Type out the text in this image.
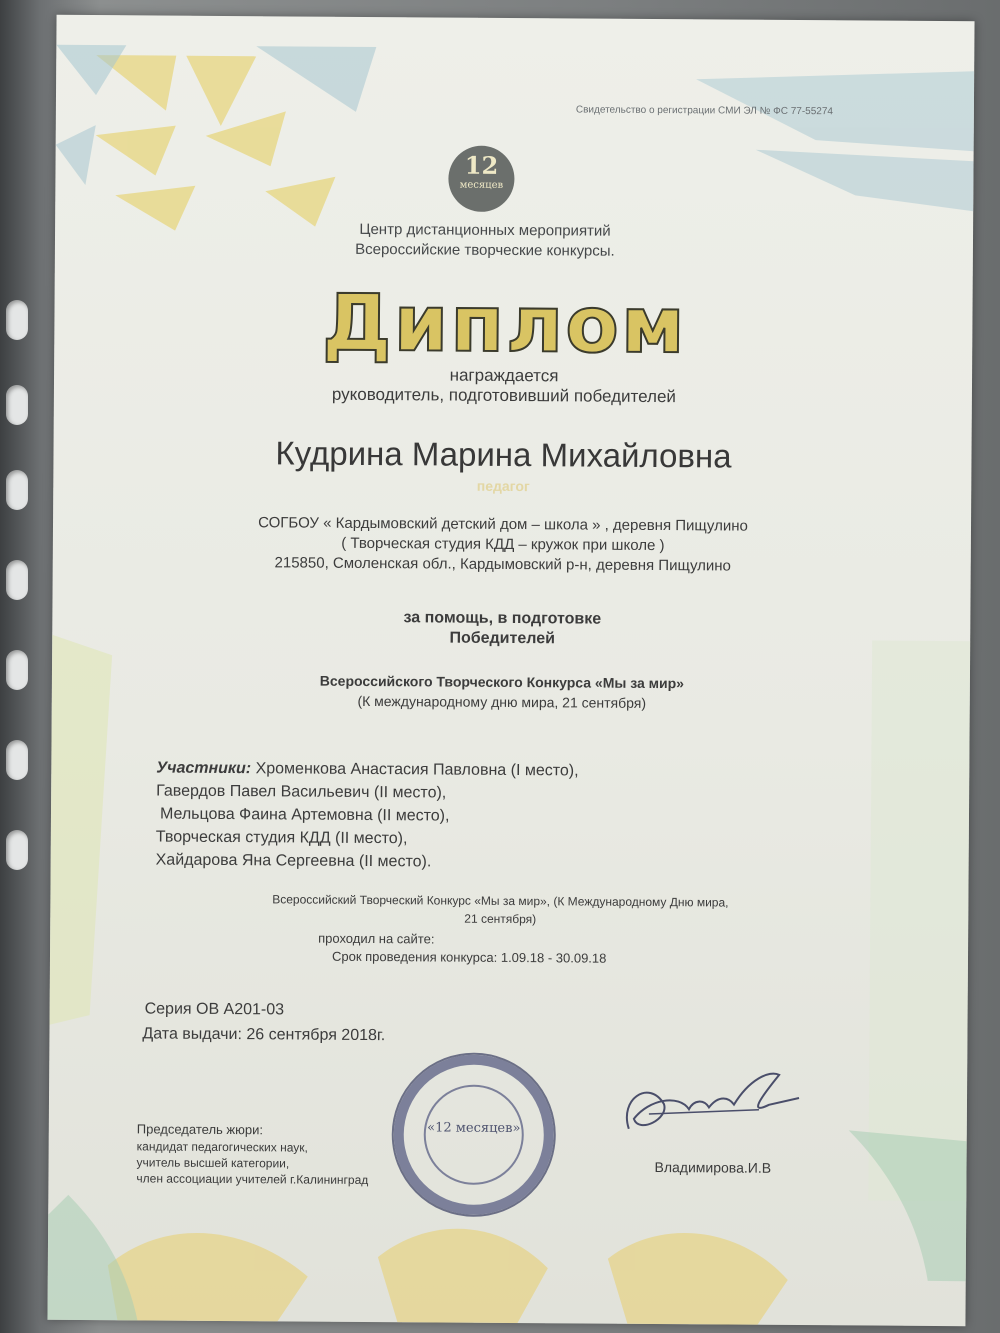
Свидетельство о регистрации СМИ ЭЛ № ФС 77-55274
12
месяцев
Центр дистанционных мероприятий
Всероссийские творческие конкурсы.
Диплом
награждается
руководитель, подготовивший победителей
Кудрина Марина Михайловна
педагог
СОГБОУ « Кардымовский детский дом – школа » , деревня Пищулино
( Творческая студия КДД – кружок при школе )
215850, Смоленская обл., Кардымовский р-н, деревня Пищулино
за помощь, в подготовке
Победителей
Всероссийского Творческого Конкурса «Мы за мир»
(К международному дню мира, 21 сентября)
Участники: Хроменкова Анастасия Павловна (I место),
Гавердов Павел Васильевич (II место),
Мельцова Фаина Артемовна (II место),
Творческая студия КДД (II место),
Хайдарова Яна Сергеевна (II место).
Всероссийский Творческий Конкурс «Мы за мир», (К Международному Дню мира,
21 сентября)
проходил на сайте:
Срок проведения конкурса: 1.09.18 - 30.09.18
Серия ОВ А201-03
Дата выдачи: 26 сентября 2018г.
Председатель жюри:
кандидат педагогических наук,
учитель высшей категории,
член ассоциации учителей г.Калининград
«12 месяцев»
Владимирова.И.В
